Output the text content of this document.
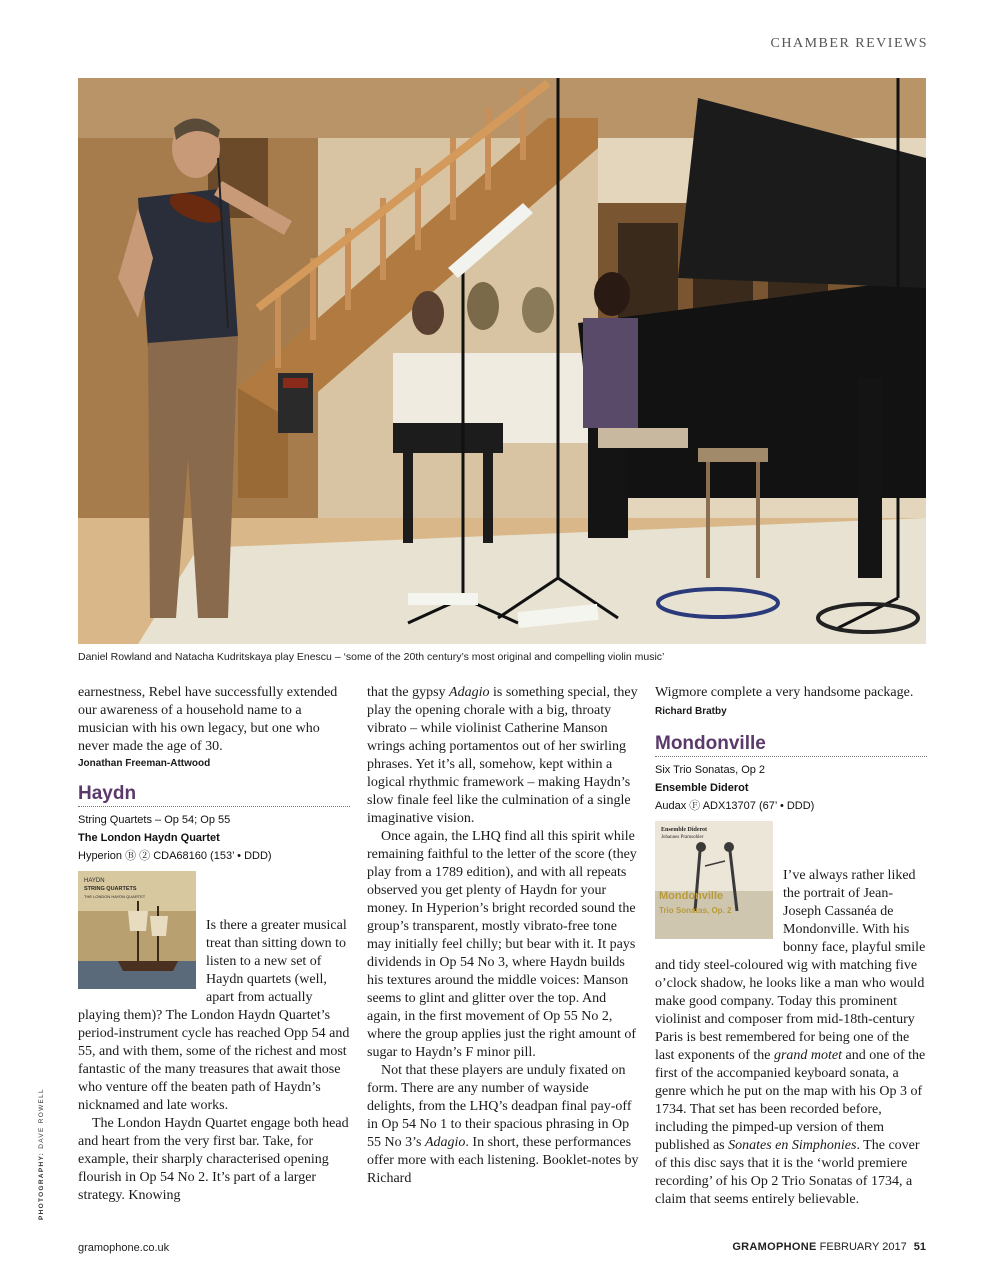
CHAMBER REVIEWS
Daniel Rowland and Natacha Kudritskaya play Enescu – ‘some of the 20th century’s most original and compelling violin music’
PHOTOGRAPHY: DAVE ROWELL

earnestness, Rebel have successfully extended our awareness of a household name to a musician with his own legacy, but one who never made the age of 30.

Jonathan Freeman-Attwood
Haydn
String Quartets – Op 54; Op 55
The London Haydn Quartet
Hyperion Ⓑ ② CDA68160 (153’ • DDD)
HAYDN
STRING QUARTETS
THE LONDON HAYDN QUARTET

Is there a greater musical treat than sitting down to listen to a new set of Haydn quartets (well, apart from actually playing them)? The London Haydn Quartet’s period-instrument cycle has reached Opp 54 and 55, and with them, some of the richest and most fantastic of the many treasures that await those who venture off the beaten path of Haydn’s nicknamed and late works.

The London Haydn Quartet engage both head and heart from the very first bar. Take, for example, their sharply characterised opening flourish in Op 54 No 2. It’s part of a larger strategy. Knowing

that the gypsy Adagio is something special, they play the opening chorale with a big, throaty vibrato – while violinist Catherine Manson wrings aching portamentos out of her swirling phrases. Yet it’s all, somehow, kept within a logical rhythmic framework – making Haydn’s slow finale feel like the culmination of a single imaginative vision.

Once again, the LHQ find all this spirit while remaining faithful to the letter of the score (they play from a 1789 edition), and with all repeats observed you get plenty of Haydn for your money. In Hyperion’s bright recorded sound the group’s transparent, mostly vibrato-free tone may initially feel chilly; but bear with it. It pays dividends in Op 54 No 3, where Haydn builds his textures around the middle voices: Manson seems to glint and glitter over the top. And again, in the first movement of Op 55 No 2, where the group applies just the right amount of sugar to Haydn’s F minor pill.

Not that these players are unduly fixated on form. There are any number of wayside delights, from the LHQ’s deadpan final pay-off in Op 54 No 1 to their spacious phrasing in Op 55 No 3’s Adagio. In short, these performances offer more with each listening. Booklet-notes by Richard

Wigmore complete a very handsome package. Richard Bratby

Mondonville
Six Trio Sonatas, Op 2
Ensemble Diderot
Audax Ⓕ ADX13707 (67’ • DDD)
Ensemble Diderot
Johannes Pramsohler
Mondonville
Trio Sonatas, Op. 2

I’ve always rather liked the portrait of Jean-Joseph Cassanéa de Mondonville. With his bonny face, playful smile and tidy steel-coloured wig with matching five o’clock shadow, he looks like a man who would make good company. Today this prominent violinist and composer from mid-18th-century Paris is best remembered for being one of the last exponents of the grand motet and one of the first of the accompanied keyboard sonata, a genre which he put on the map with his Op 3 of 1734. That set has been recorded before, including the pimped-up version of them published as Sonates en Simphonies. The cover of this disc says that it is the ‘world premiere recording’ of his Op 2 Trio Sonatas of 1734, a claim that seems entirely believable.

gramophone.co.uk	GRAMOPHONE FEBRUARY 2017 51
